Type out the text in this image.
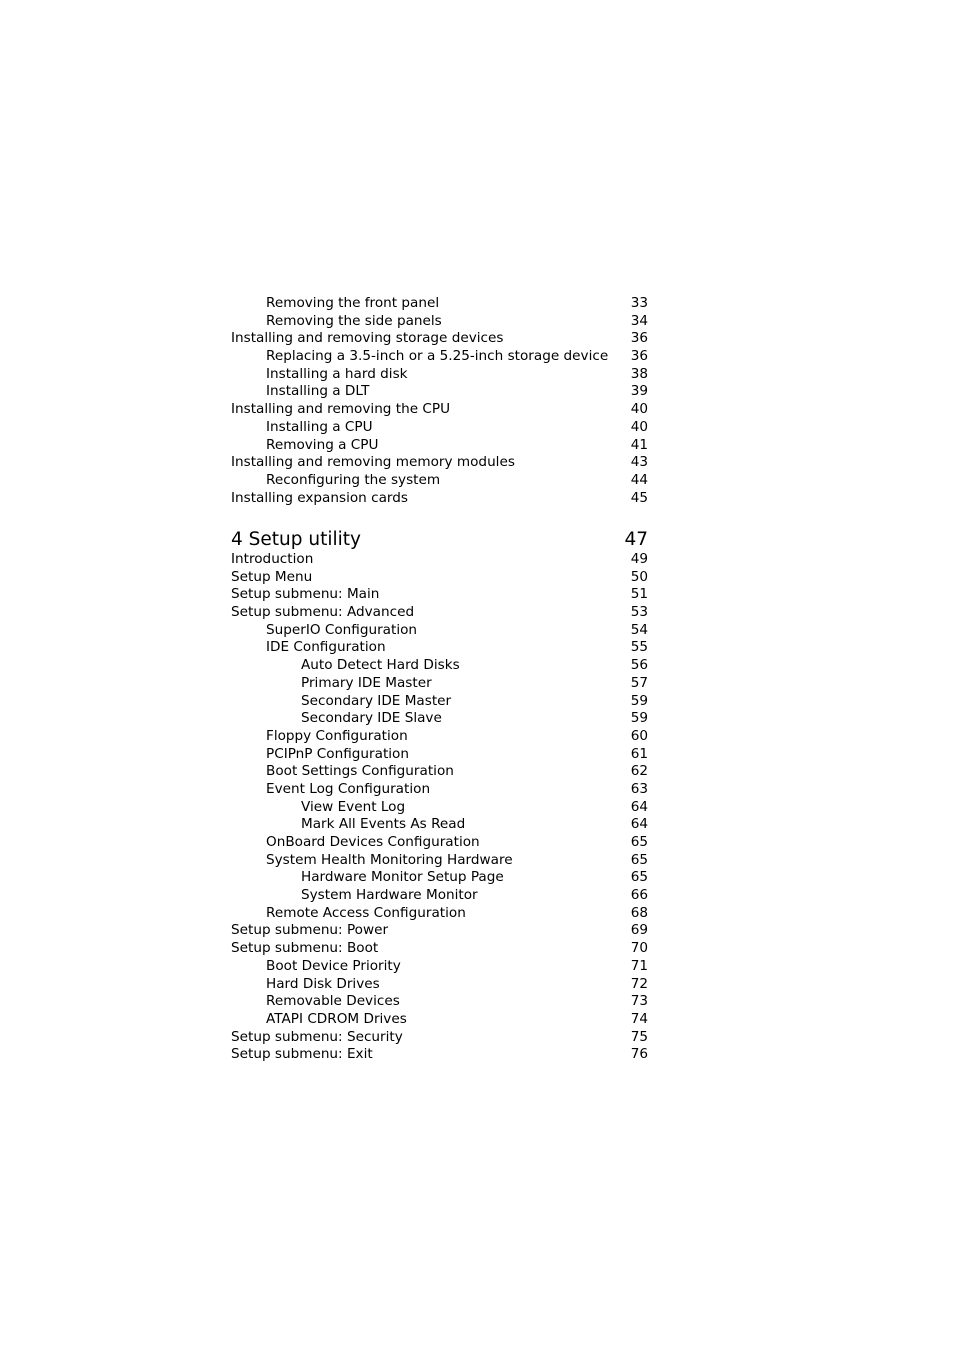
Removing the front panel	33
Removing the side panels	34
Installing and removing storage devices	36
Replacing a 3.5-inch or a 5.25-inch storage device 36
Installing a hard disk	38
Installing a DLT	39
Installing and removing the CPU	40
Installing a CPU	40
Removing a CPU	41
Installing and removing memory modules	43
Reconfiguring the system	44
Installing expansion cards	45
4 Setup utility	47
Introduction	49
Setup Menu	50
Setup submenu: Main	51
Setup submenu: Advanced	53
SuperIO Configuration	54
IDE Configuration	55
Auto Detect Hard Disks	56
Primary IDE Master	57
Secondary IDE Master	59
Secondary IDE Slave	59
Floppy Configuration	60
PCIPnP Configuration	61
Boot Settings Configuration	62
Event Log Configuration	63
View Event Log	64
Mark All Events As Read	64
OnBoard Devices Configuration	65
System Health Monitoring Hardware	65
Hardware Monitor Setup Page	65
System Hardware Monitor	66
Remote Access Configuration	68
Setup submenu: Power	69
Setup submenu: Boot	70
Boot Device Priority	71
Hard Disk Drives	72
Removable Devices	73
ATAPI CDROM Drives	74
Setup submenu: Security	75
Setup submenu: Exit	76
